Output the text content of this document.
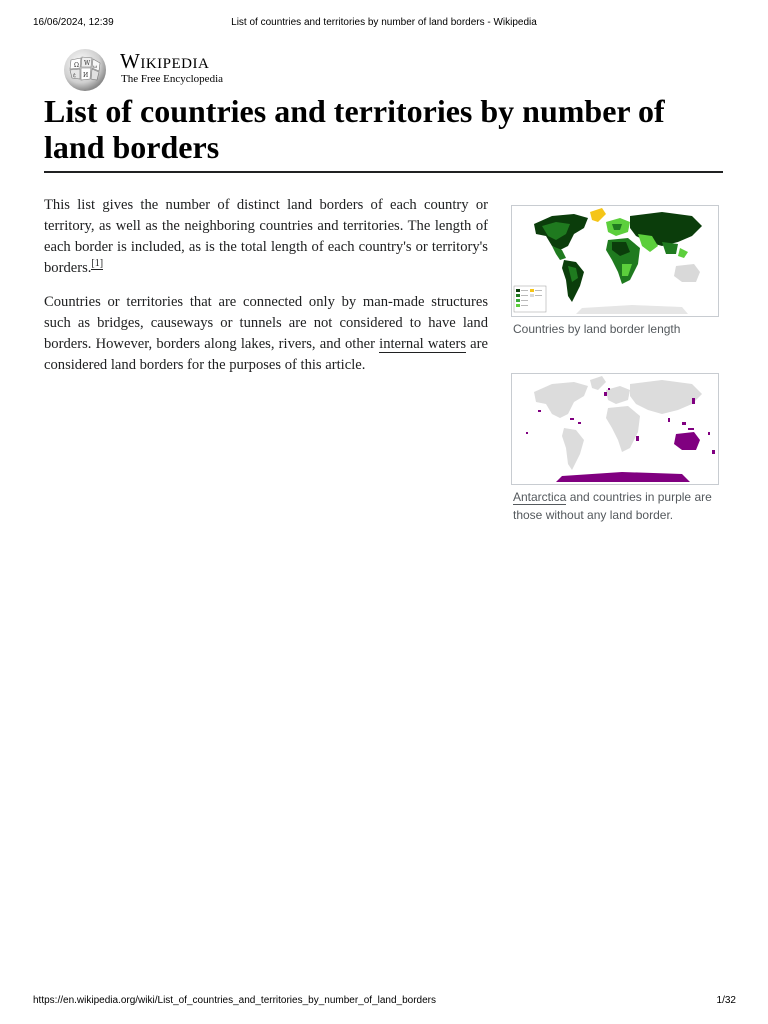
16/06/2024, 12:39	List of countries and territories by number of land borders - Wikipedia
Ω W
И
ω
ع
Wikipedia
The Free Encyclopedia
List of countries and territories by number of land borders

This list gives the number of distinct land borders of each country or territory, as well as the neighboring countries and territories. The length of each border is included, as is the total length of each country's or territory's borders.[1]

Countries or territories that are connected only by man-made structures such as bridges, causeways or tunnels are not considered to have land borders. However, borders along lakes, rivers, and other internal waters are considered land borders for the purposes of this article.

Countries by land border length
Antarctica and countries in purple are those without any land border.
https://en.wikipedia.org/wiki/List_of_countries_and_territories_by_number_of_land_borders	1/32
